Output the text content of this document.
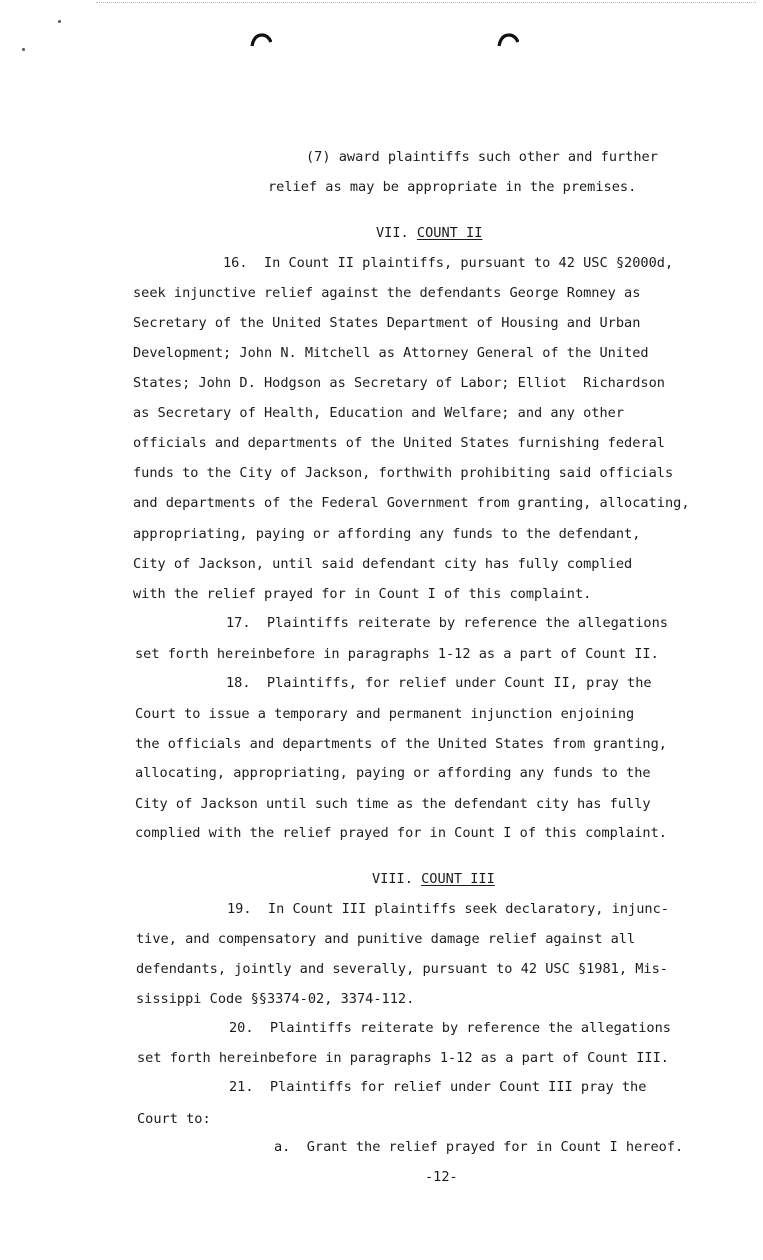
(7) award plaintiffs such other and further
relief as may be appropriate in the premises.
VII. COUNT II
16.  In Count II plaintiffs, pursuant to 42 USC §2000d,
seek injunctive relief against the defendants George Romney as
Secretary of the United States Department of Housing and Urban
Development; John N. Mitchell as Attorney General of the United
States; John D. Hodgson as Secretary of Labor; Elliot  Richardson
as Secretary of Health, Education and Welfare; and any other
officials and departments of the United States furnishing federal
funds to the City of Jackson, forthwith prohibiting said officials
and departments of the Federal Government from granting, allocating,
appropriating, paying or affording any funds to the defendant,
City of Jackson, until said defendant city has fully complied
with the relief prayed for in Count I of this complaint.
17.  Plaintiffs reiterate by reference the allegations
set forth hereinbefore in paragraphs 1-12 as a part of Count II.
18.  Plaintiffs, for relief under Count II, pray the
Court to issue a temporary and permanent injunction enjoining
the officials and departments of the United States from granting,
allocating, appropriating, paying or affording any funds to the
City of Jackson until such time as the defendant city has fully
complied with the relief prayed for in Count I of this complaint.
VIII. COUNT III
19.  In Count III plaintiffs seek declaratory, injunc-
tive, and compensatory and punitive damage relief against all
defendants, jointly and severally, pursuant to 42 USC §1981, Mis-
sissippi Code §§3374-02, 3374-112.
20.  Plaintiffs reiterate by reference the allegations
set forth hereinbefore in paragraphs 1-12 as a part of Count III.
21.  Plaintiffs for relief under Count III pray the
Court to:
a.  Grant the relief prayed for in Count I hereof.
-12-
